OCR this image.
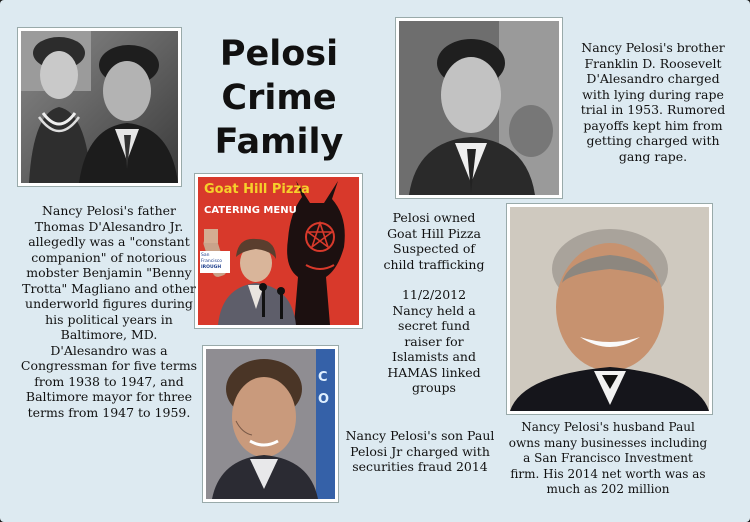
Pelosi
Crime
Family
Goat Hill Pizza
CATERING MENU
San Francisco
IROUGH
C O
Nancy Pelosi's father
Thomas D'Alesandro Jr.
allegedly was a "constant
companion" of notorious
mobster Benjamin "Benny
Trotta" Magliano and other
underworld figures during
his political years in
Baltimore, MD.
D'Alesandro was a
Congressman for five terms
from 1938 to 1947, and
Baltimore mayor for three
terms from 1947 to 1959.
Nancy Pelosi's brother
Franklin D. Roosevelt
D'Alesandro charged
with lying during rape
trial in 1953. Rumored
payoffs kept him from
getting charged with
gang rape.
Pelosi owned
Goat Hill Pizza
Suspected of
child trafficking
11/2/2012
Nancy held a
secret fund
raiser for
Islamists and
HAMAS linked
groups
Nancy Pelosi's son Paul
Pelosi Jr charged with
securities fraud 2014
Nancy Pelosi's husband Paul
owns many businesses including
a San Francisco Investment
firm. His 2014 net worth was as
much as 202 million
